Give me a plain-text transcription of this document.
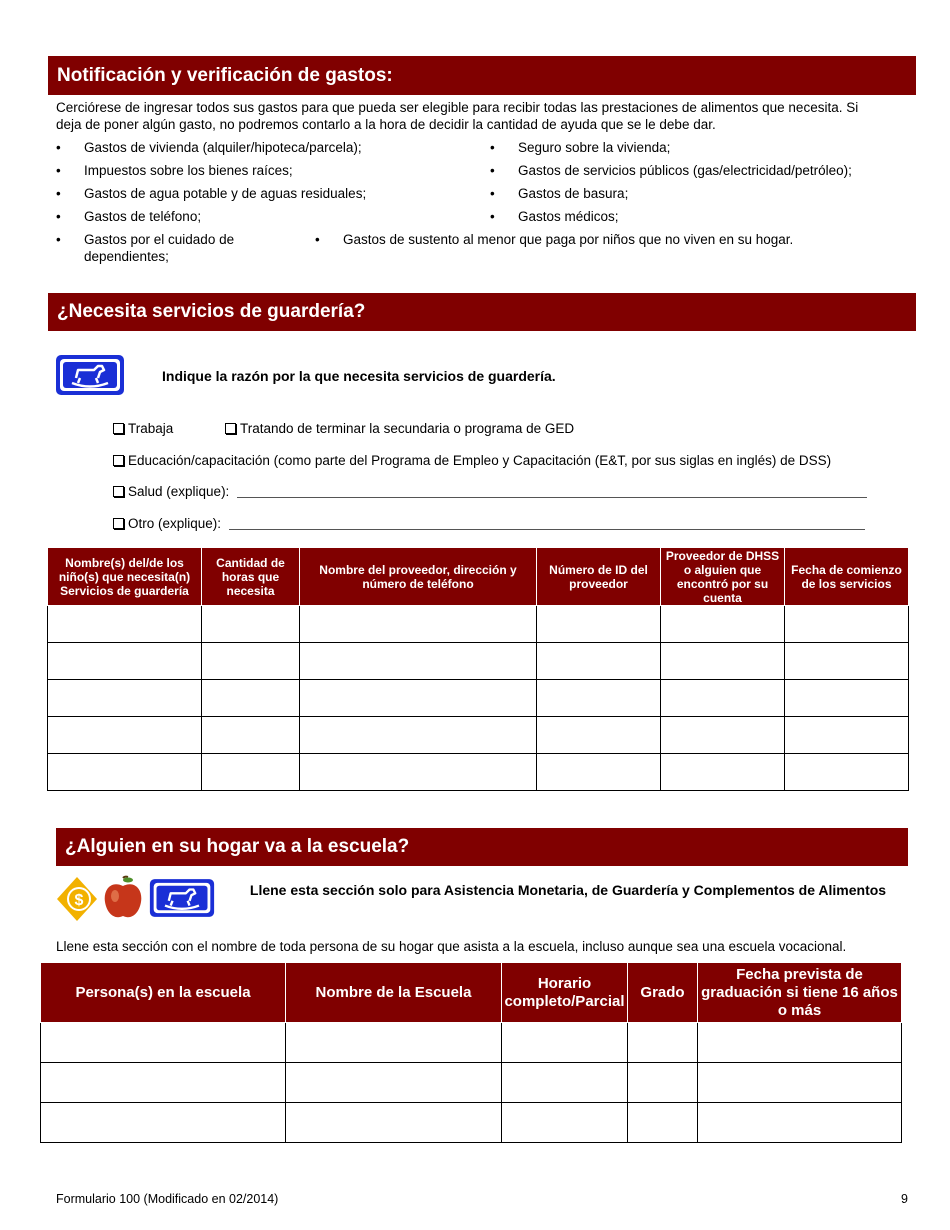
Notificación y verificación de gastos:
Cerciórese de ingresar todos sus gastos para que pueda ser elegible para recibir todas las prestaciones de alimentos que necesita. Si
deja de poner algún gasto, no podremos contarlo a la hora de decidir la cantidad de ayuda que se le debe dar.
• Gastos de vivienda (alquiler/hipoteca/parcela);
• Impuestos sobre los bienes raíces;
• Gastos de agua potable y de aguas residuales;
• Gastos de teléfono;
• Seguro sobre la vivienda;
• Gastos de servicios públicos (gas/electricidad/petróleo);
• Gastos de basura;
• Gastos médicos;
• Gastos por el cuidado de
dependientes;
• Gastos de sustento al menor que paga por niños que no viven en su hogar.
¿Necesita servicios de guardería?
Indique la razón por la que necesita servicios de guardería.
Trabaja	Tratando de terminar la secundaria o programa de GED
Educación/capacitación (como parte del Programa de Empleo y Capacitación (E&T, por sus siglas en inglés) de DSS)
Salud (explique):
Otro (explique):
Nombre(s) del/de los niño(s) que necesita(n) Servicios de guardería	Cantidad de horas que necesita	Nombre del proveedor, dirección y número de teléfono	Número de ID del proveedor	Proveedor de DHSS o alguien que encontró por su cuenta	Fecha de comienzo de los servicios

¿Alguien en su hogar va a la escuela?
$
Llene esta sección solo para Asistencia Monetaria, de Guardería y Complementos de Alimentos
Llene esta sección con el nombre de toda persona de su hogar que asista a la escuela, incluso aunque sea una escuela vocacional.
Persona(s) en la escuela	Nombre de la Escuela	Horario completo/Parcial	Grado	Fecha prevista de graduación si tiene 16 años o más

Formulario 100 (Modificado en 02/2014)	9
